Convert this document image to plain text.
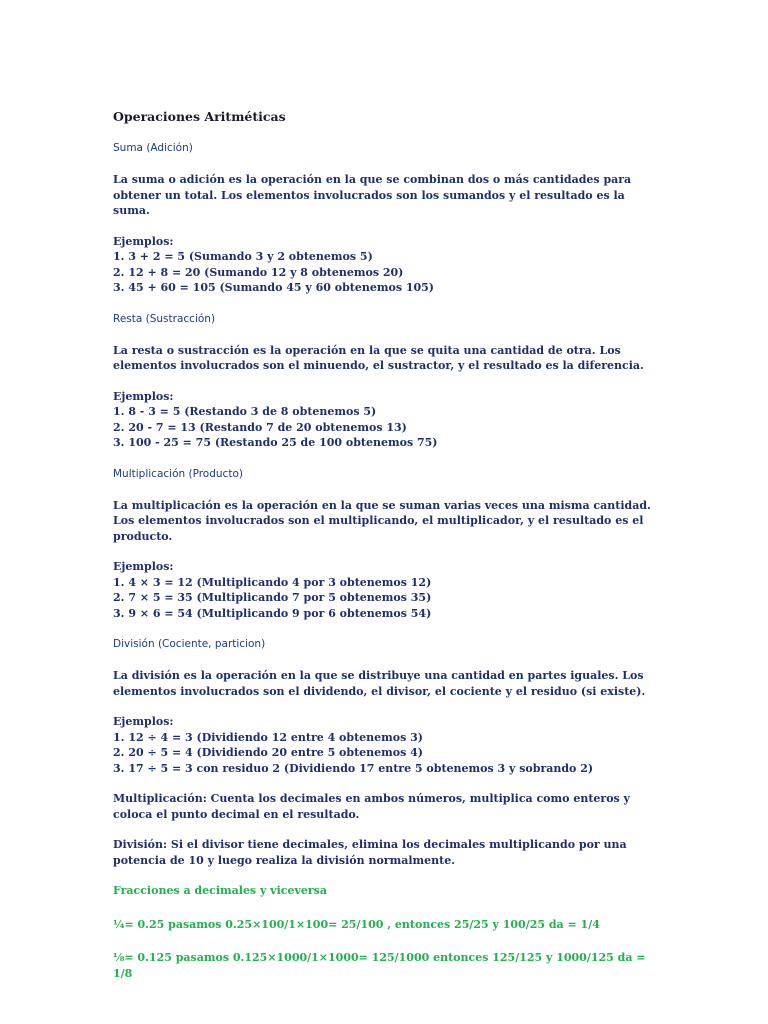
Operaciones Aritméticas
Suma (Adición)
La suma o adición es la operación en la que se combinan dos o más cantidades para obtener un total. Los elementos involucrados son los sumandos y el resultado es la suma.
Ejemplos:
1. 3 + 2 = 5 (Sumando 3 y 2 obtenemos 5)
2. 12 + 8 = 20 (Sumando 12 y 8 obtenemos 20)
3. 45 + 60 = 105 (Sumando 45 y 60 obtenemos 105)
Resta (Sustracción)
La resta o sustracción es la operación en la que se quita una cantidad de otra. Los elementos involucrados son el minuendo, el sustractor, y el resultado es la diferencia.
Ejemplos:
1. 8 - 3 = 5 (Restando 3 de 8 obtenemos 5)
2. 20 - 7 = 13 (Restando 7 de 20 obtenemos 13)
3. 100 - 25 = 75 (Restando 25 de 100 obtenemos 75)
Multiplicación (Producto)
La multiplicación es la operación en la que se suman varias veces una misma cantidad. Los elementos involucrados son el multiplicando, el multiplicador, y el resultado es el producto.
Ejemplos:
1. 4 × 3 = 12 (Multiplicando 4 por 3 obtenemos 12)
2. 7 × 5 = 35 (Multiplicando 7 por 5 obtenemos 35)
3. 9 × 6 = 54 (Multiplicando 9 por 6 obtenemos 54)
División (Cociente, particion)
La división es la operación en la que se distribuye una cantidad en partes iguales. Los elementos involucrados son el dividendo, el divisor, el cociente y el residuo (si existe).
Ejemplos:
1. 12 ÷ 4 = 3 (Dividiendo 12 entre 4 obtenemos 3)
2. 20 ÷ 5 = 4 (Dividiendo 20 entre 5 obtenemos 4)
3. 17 ÷ 5 = 3 con residuo 2 (Dividiendo 17 entre 5 obtenemos 3 y sobrando 2)
Multiplicación: Cuenta los decimales en ambos números, multiplica como enteros y coloca el punto decimal en el resultado.
División: Si el divisor tiene decimales, elimina los decimales multiplicando por una potencia de 10 y luego realiza la división normalmente.
Fracciones a decimales y viceversa
¼= 0.25 pasamos 0.25×100/1×100= 25/100 , entonces 25/25 y 100/25 da = 1/4
⅛= 0.125 pasamos 0.125×1000/1×1000= 125/1000 entonces 125/125 y 1000/125 da = 1/8
